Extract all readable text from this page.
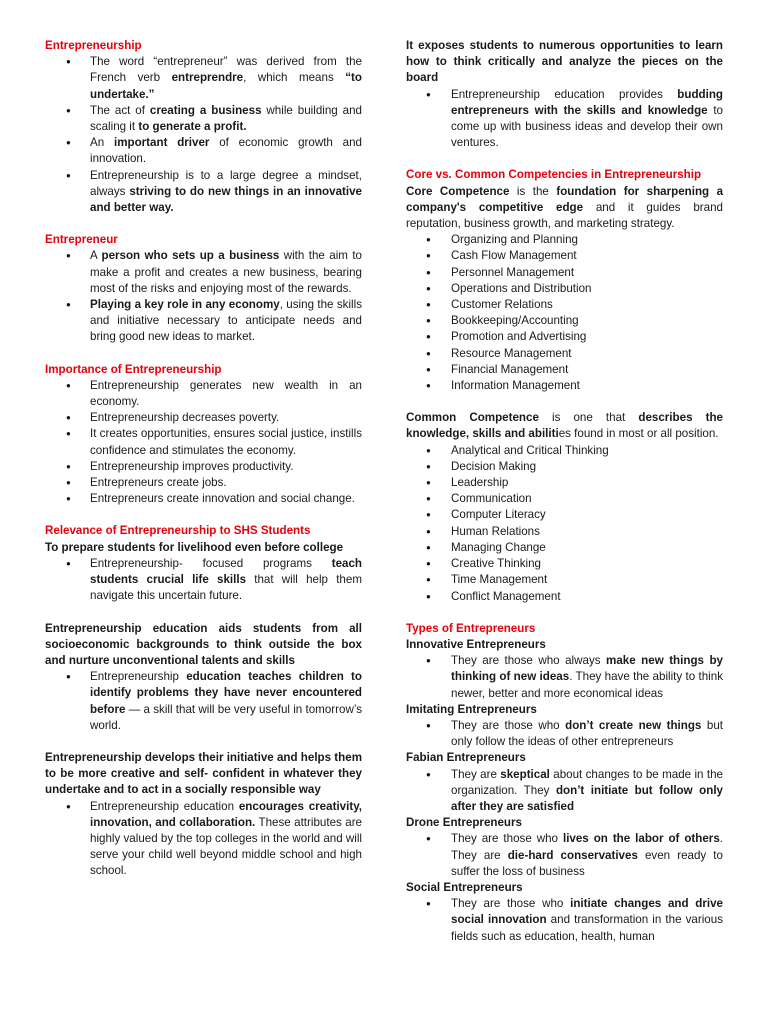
Entrepreneurship

● The word “entrepreneur” was derived from the French verb entreprendre, which means “to undertake.”
● The act of creating a business while building and scaling it to generate a profit.
● An important driver of economic growth and innovation.
● Entrepreneurship is to a large degree a mindset, always striving to do new things in an innovative and better way.

Entrepreneur

● A person who sets up a business with the aim to make a profit and creates a new business, bearing most of the risks and enjoying most of the rewards.
● Playing a key role in any economy, using the skills and initiative necessary to anticipate needs and bring good new ideas to market.

Importance of Entrepreneurship

● Entrepreneurship generates new wealth in an economy.
● Entrepreneurship decreases poverty.
● It creates opportunities, ensures social justice, instills confidence and stimulates the economy.
● Entrepreneurship improves productivity.
● Entrepreneurs create jobs.
● Entrepreneurs create innovation and social change.

Relevance of Entrepreneurship to SHS Students

To prepare students for livelihood even before college

● Entrepreneurship- focused programs teach students crucial life skills that will help them navigate this uncertain future.

Entrepreneurship education aids students from all socioeconomic backgrounds to think outside the box and nurture unconventional talents and skills

● Entrepreneurship education teaches children to identify problems they have never encountered before — a skill that will be very useful in tomorrow’s world.

Entrepreneurship develops their initiative and helps them to be more creative and self- confident in whatever they undertake and to act in a socially responsible way

● Entrepreneurship education encourages creativity, innovation, and collaboration. These attributes are highly valued by the top colleges in the world and will serve your child well beyond middle school and high school.

It exposes students to numerous opportunities to learn how to think critically and analyze the pieces on the board

● Entrepreneurship education provides budding entrepreneurs with the skills and knowledge to come up with business ideas and develop their own ventures.

Core vs. Common Competencies in Entrepreneurship

Core Competence is the foundation for sharpening a company's competitive edge and it guides brand reputation, business growth, and marketing strategy.

● Organizing and Planning
● Cash Flow Management
● Personnel Management
● Operations and Distribution
● Customer Relations
● Bookkeeping/Accounting
● Promotion and Advertising
● Resource Management
● Financial Management
● Information Management

Common Competence is one that describes the knowledge, skills and abilities found in most or all position.

● Analytical and Critical Thinking
● Decision Making
● Leadership
● Communication
● Computer Literacy
● Human Relations
● Managing Change
● Creative Thinking
● Time Management
● Conflict Management

Types of Entrepreneurs

Innovative Entrepreneurs

● They are those who always make new things by thinking of new ideas. They have the ability to think newer, better and more economical ideas

Imitating Entrepreneurs

● They are those who don’t create new things but only follow the ideas of other entrepreneurs

Fabian Entrepreneurs

● They are skeptical about changes to be made in the organization. They don’t initiate but follow only after they are satisfied

Drone Entrepreneurs

● They are those who lives on the labor of others. They are die-hard conservatives even ready to suffer the loss of business

Social Entrepreneurs

● They are those who initiate changes and drive social innovation and transformation in the various fields such as education, health, human
